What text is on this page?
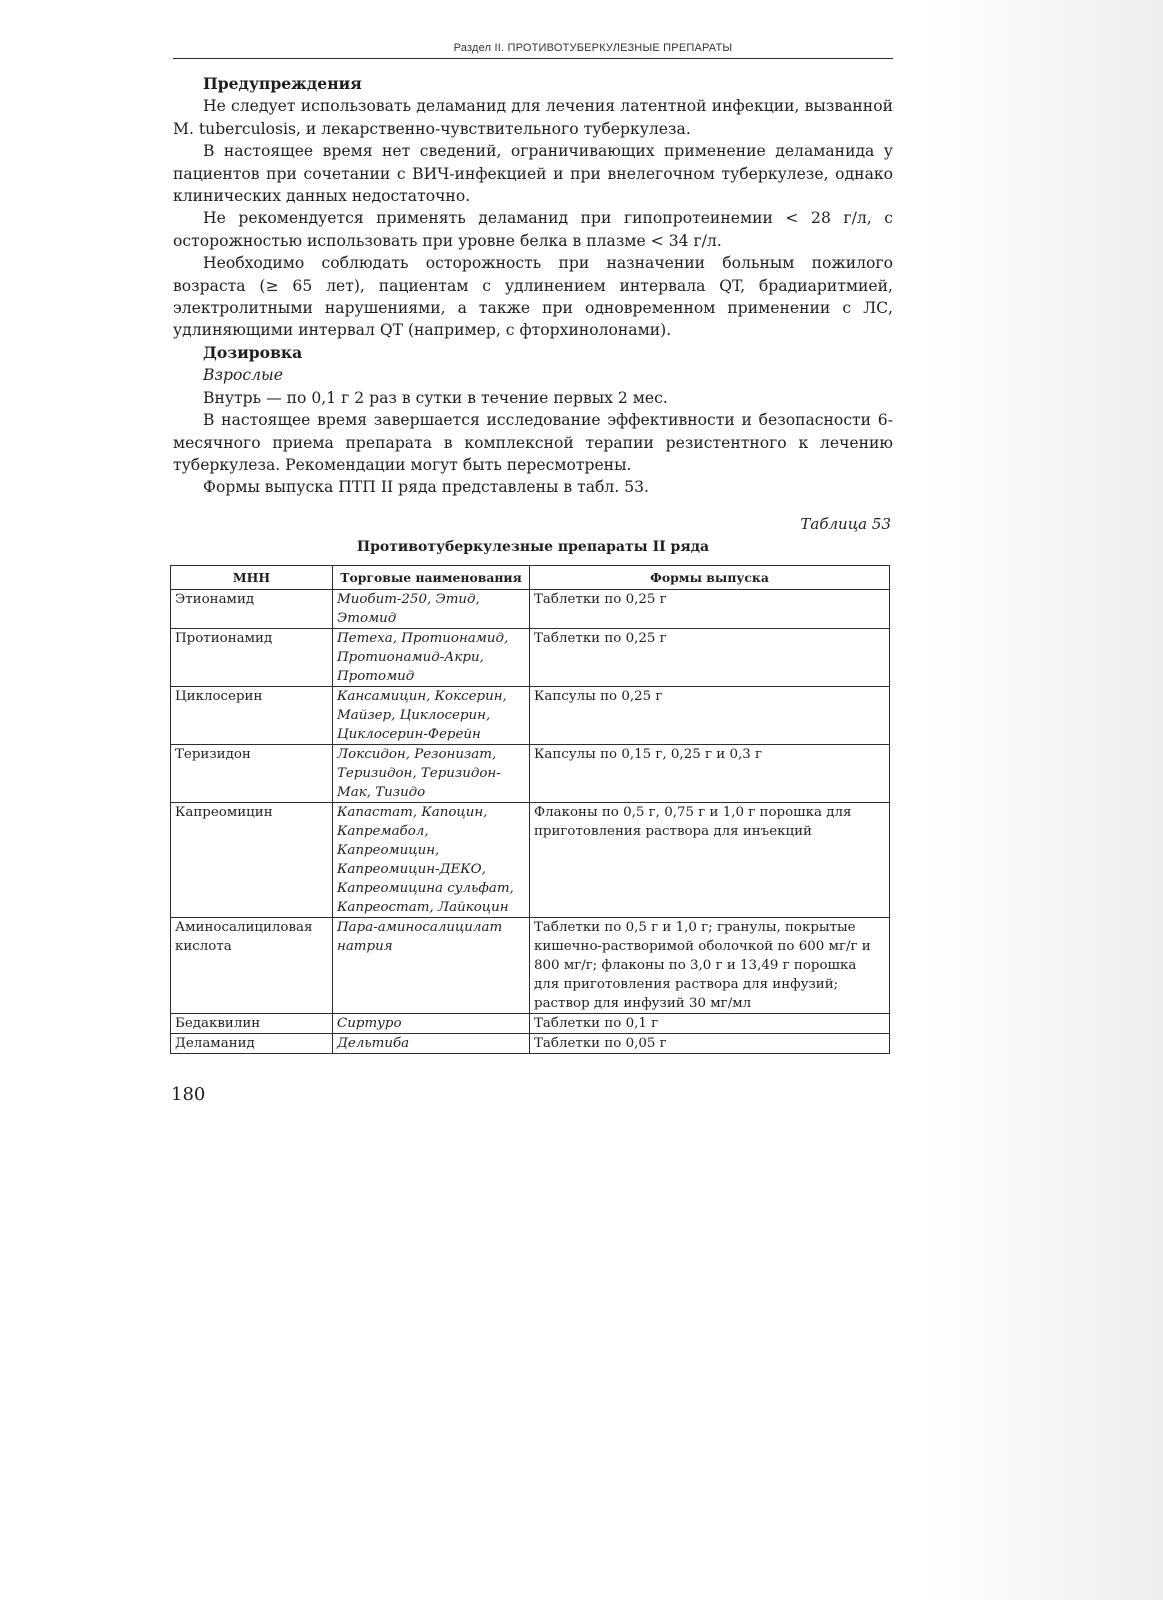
Раздел II. ПРОТИВОТУБЕРКУЛЕЗНЫЕ ПРЕПАРАТЫ

Предупреждения

Не следует использовать деламанид для лечения латентной инфекции, вызванной M. tuberculosis, и лекарственно-чувствительного туберкулеза.

В настоящее время нет сведений, ограничивающих применение деламанида у пациентов при сочетании с ВИЧ-инфекцией и при внелегочном туберкулезе, однако клинических данных недостаточно.

Не рекомендуется применять деламанид при гипопротеинемии < 28 г/л, с осторожностью использовать при уровне белка в плазме < 34 г/л.

Необходимо соблюдать осторожность при назначении больным пожилого возраста (≥ 65 лет), пациентам с удлинением интервала QT, брадиаритмией, электролитными нарушениями, а также при одновременном применении с ЛС, удлиняющими интервал QT (например, с фторхинолонами).

Дозировка

Взрослые

Внутрь — по 0,1 г 2 раз в сутки в течение первых 2 мес.

В настоящее время завершается исследование эффективности и безопасности 6-месячного приема препарата в комплексной терапии резистентного к лечению туберкулеза. Рекомендации могут быть пересмотрены.

Формы выпуска ПТП II ряда представлены в табл. 53.

Таблица 53
Противотуберкулезные препараты II ряда
МНН	Торговые наименования	Формы выпуска
Этионамид	Миобит-250, Этид, Этомид	Таблетки по 0,25 г
Протионамид	Петеха, Протионамид, Протионамид-Акри, Протомид	Таблетки по 0,25 г
Циклосерин	Кансамицин, Коксерин, Майзер, Циклосерин, Циклосерин-Ферейн	Капсулы по 0,25 г
Теризидон	Локсидон, Резонизат, Теризидон, Теризидон-Мак, Тизидо	Капсулы по 0,15 г, 0,25 г и 0,3 г
Капреомицин	Капастат, Капоцин, Капремабол, Капреомицин, Капреомицин-ДЕКО, Капреомицина сульфат, Капреостат, Лайкоцин	Флаконы по 0,5 г, 0,75 г и 1,0 г порошка для приготовления раствора для инъекций
Аминосалициловая кислота	Пара-аминосалицилат натрия	Таблетки по 0,5 г и 1,0 г; гранулы, покрытые кишечно-растворимой оболочкой по 600 мг/г и 800 мг/г; флаконы по 3,0 г и 13,49 г порошка для приготовления раствора для инфузий; раствор для инфузий 30 мг/мл
Бедаквилин	Сиртуро	Таблетки по 0,1 г
Деламанид	Дельтиба	Таблетки по 0,05 г
180
